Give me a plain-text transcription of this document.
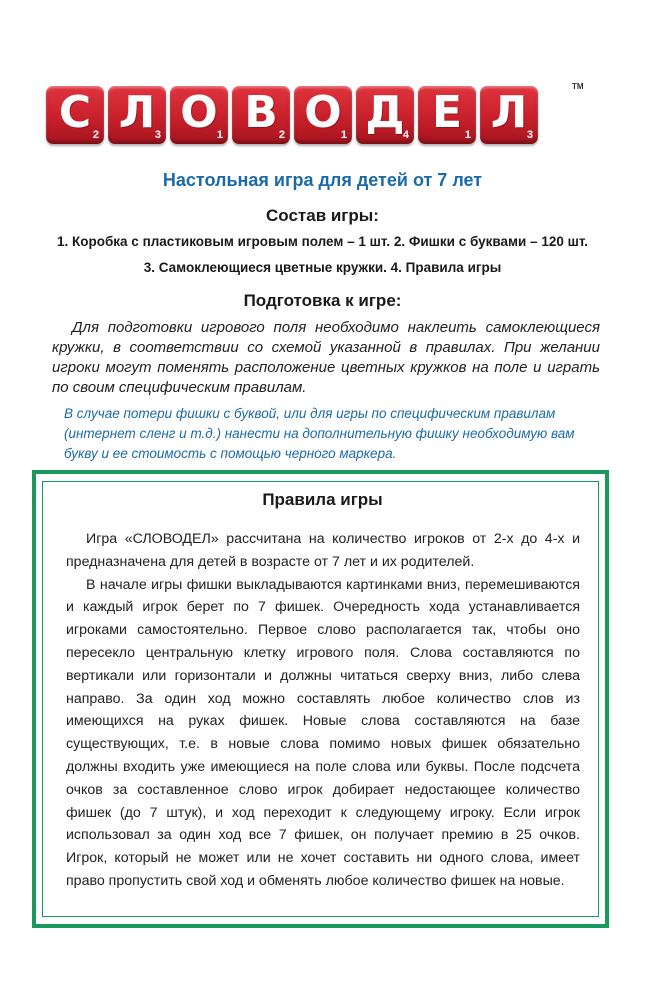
С 2 Л 3 О 1 В 2 О 1 Д
4 Е 1 Л 3
TM
Настольная игра для детей от 7 лет
Состав игры:
1. Коробка с пластиковым игровым полем – 1 шт. 2. Фишки с буквами – 120 шт.
3. Самоклеющиеся цветные кружки. 4. Правила игры
Подготовка к игре:
Для подготовки игрового поля необходимо наклеить самоклеющиеся кружки, в соответствии со схемой указанной в правилах. При желании игроки могут поменять расположение цветных кружков на поле и играть по своим специфическим правилам.
В случае потери фишки с буквой, или для игры по специфическим правилам (интернет сленг и т.д.) нанести на дополнительную фишку необходимую вам букву и ее стоимость с помощью черного маркера.
Правила игры

Игра «СЛОВОДЕЛ» рассчитана на количество игроков от 2-х до 4-х и предназначена для детей в возрасте от 7 лет и их родителей.

В начале игры фишки выкладываются картинками вниз, перемешиваются и каждый игрок берет по 7 фишек. Очередность хода устанавливается игроками самостоятельно. Первое слово располагается так, чтобы оно пересекло центральную клетку игрового поля. Слова составляются по вертикали или горизонтали и должны читаться сверху вниз, либо слева направо. За один ход можно составлять любое количество слов из имеющихся на руках фишек. Новые слова составляются на базе существующих, т.е. в новые слова помимо новых фишек обязательно должны входить уже имеющиеся на поле слова или буквы. После подсчета очков за составленное слово игрок добирает недостающее количество фишек (до 7 штук), и ход переходит к следующему игроку. Если игрок использовал за один ход все 7 фишек, он получает премию в 25 очков. Игрок, который не может или не хочет составить ни одного слова, имеет право пропустить свой ход и обменять любое количество фишек на новые.
